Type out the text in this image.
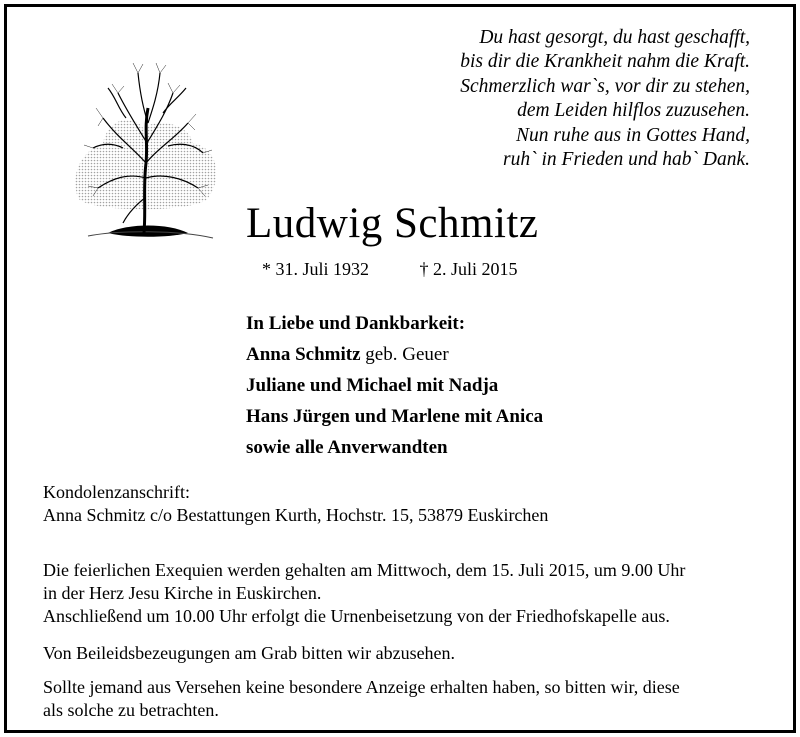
Du hast gesorgt, du hast geschafft,
bis dir die Krankheit nahm die Kraft.
Schmerzlich war`s, vor dir zu stehen,
dem Leiden hilflos zuzusehen.
Nun ruhe aus in Gottes Hand,
ruh` in Frieden und hab` Dank.
Ludwig Schmitz
* 31. Juli 1932	† 2. Juli 2015
In Liebe und Dankbarkeit:
Anna Schmitz geb. Geuer
Juliane und Michael mit Nadja
Hans Jürgen und Marlene mit Anica
sowie alle Anverwandten
Kondolenzanschrift:
Anna Schmitz c/o Bestattungen Kurth, Hochstr. 15, 53879 Euskirchen
Die feierlichen Exequien werden gehalten am Mittwoch, dem 15. Juli 2015, um 9.00 Uhr
in der Herz Jesu Kirche in Euskirchen.
Anschließend um 10.00 Uhr erfolgt die Urnenbeisetzung von der Friedhofskapelle aus.
Von Beileidsbezeugungen am Grab bitten wir abzusehen.
Sollte jemand aus Versehen keine besondere Anzeige erhalten haben, so bitten wir, diese
als solche zu betrachten.
